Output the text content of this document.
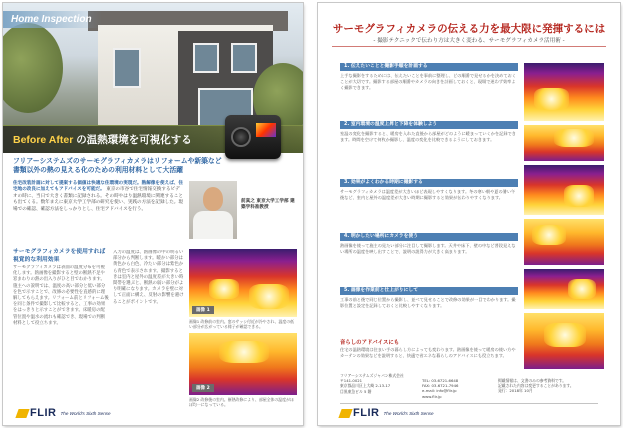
Home Inspection
Before After の温熱環境を可視化する
フリアーシステムズのサーモグラフィカメラはリフォームや新築など書類以外の熱の見える化のための利用材料として大活躍
住宅改装計画に対して提案する価値は快適な住環境の実現だ。熱解像を使えば、住宅地の改良に加えてもアドバイスを可能だ。 東京の市谷で住宅情報交換するビデオの時に、当日で大きく書類に記録される。その時やはり温熱環境に関連することも出てくる。数年まえに東京大学工学部の研究を使い、実践の方法を記録した。現場での確認、確認方法をしっかりとし、住宅アドバイスを行う。
前真之 東京大学工学部 建築学科准教授
サーモグラフィカメラを使用すれば視覚的な利用効果
サーモグラフィカメラは表面の温度分布を可視化します。熱画像を撮影すると壁の断熱不足や窓まわりの熱の出入りがひと目でわかります。施主への説明では、温度の高い部分と低い部分を色で示すことで、改修の必要性を直感的に理解してもらえます。リフォーム前とリフォーム後を同じ条件で撮影して比較すると、工事の効果をはっきりと示すことができます。床暖房の配管位置や温水の流れも確認でき、現場での判断材料として役立ちます。
入力の温度は、熱画像の中の明るい部分から判断します。暖かい部分は黄色から白色、冷たい部分は紫色から青色で表示されます。撮影するときは室内と屋外の温度差が大きい時間帯を選ぶと、断熱の弱い部分がより明確になります。カメラを壁に対して正面に構え、反射の影響を避けることがポイントです。
画像 1
画像1 改修前の室内。窓のサッシ付近が冷やされ、温度の低い部分が広がっている様子が確認できる。
画像 2
画像2 改修後の室内。断熱改修により、部屋全体の温度がほぼ均一になっている。
FLIR The World's Sixth Sense
サーモグラフィカメラの伝える力を最大限に発揮するには
- 撮影テクニックで伝わり方は大きく変わる、サーモグラフィカメラ活用術 -
1. 伝えたいことと撮影手順を計画する
上手な撮影をするためには、伝えたいことを事前に整理し、どの順番で見せるかを決めておくことが大切です。撮影する部屋の順番やカメラの向きを計画しておくと、現場で迷わず効率よく撮影できます。
2. 室内環境の温度上昇と下降を体験しよう
室温の変化を撮影すると、暖房を入れた直後から部屋がどのように暖まっていくかを記録できます。時間を空けて何枚か撮影し、温度の変化を比較できるようにしておきます。
3. 効果がよくわかる時期に撮影する
サーモグラフィカメラは温度差が大きいほど表現しやすくなります。冬の寒い朝や夏の暑い午後など、室内と屋外の温度差が大きい時期に撮影すると効果が伝わりやすくなります。
4. 明かしたい場所にカメラを使う
熱画像を使って施主の見たい部分に注目して撮影します。天井や床下、壁の中など普段見えない場所の温度を映し出すことで、説明の説得力が大きく高まります。
5. 画像を作業前と仕上がりにして
工事の前と後で同じ位置から撮影し、並べて見せることで改修の効果が一目でわかります。撮影位置と設定を記録しておくと比較しやすくなります。
音らしのアドバイスにも
住宅の温熱環境は住まい手の暮らし方によっても変わります。熱画像を使って暖房の使い方やカーテンの効果などを説明すると、快適で省エネな暮らしのアドバイスにも役立ちます。
フリアーシステムズジャパン株式会社
〒141-0021
東京都品川区上大崎 2-13-17
目黒東急ビル 5 階
TEL: 03-6721-6648
FAX: 03-6721-7946
e-mail: info@flir.jp
www.flir.jp
掲載情報は、文書のみの参考資料です。
記載された内容は変更することがあります。
発行：2018年 10月
FLIR The World's Sixth Sense
